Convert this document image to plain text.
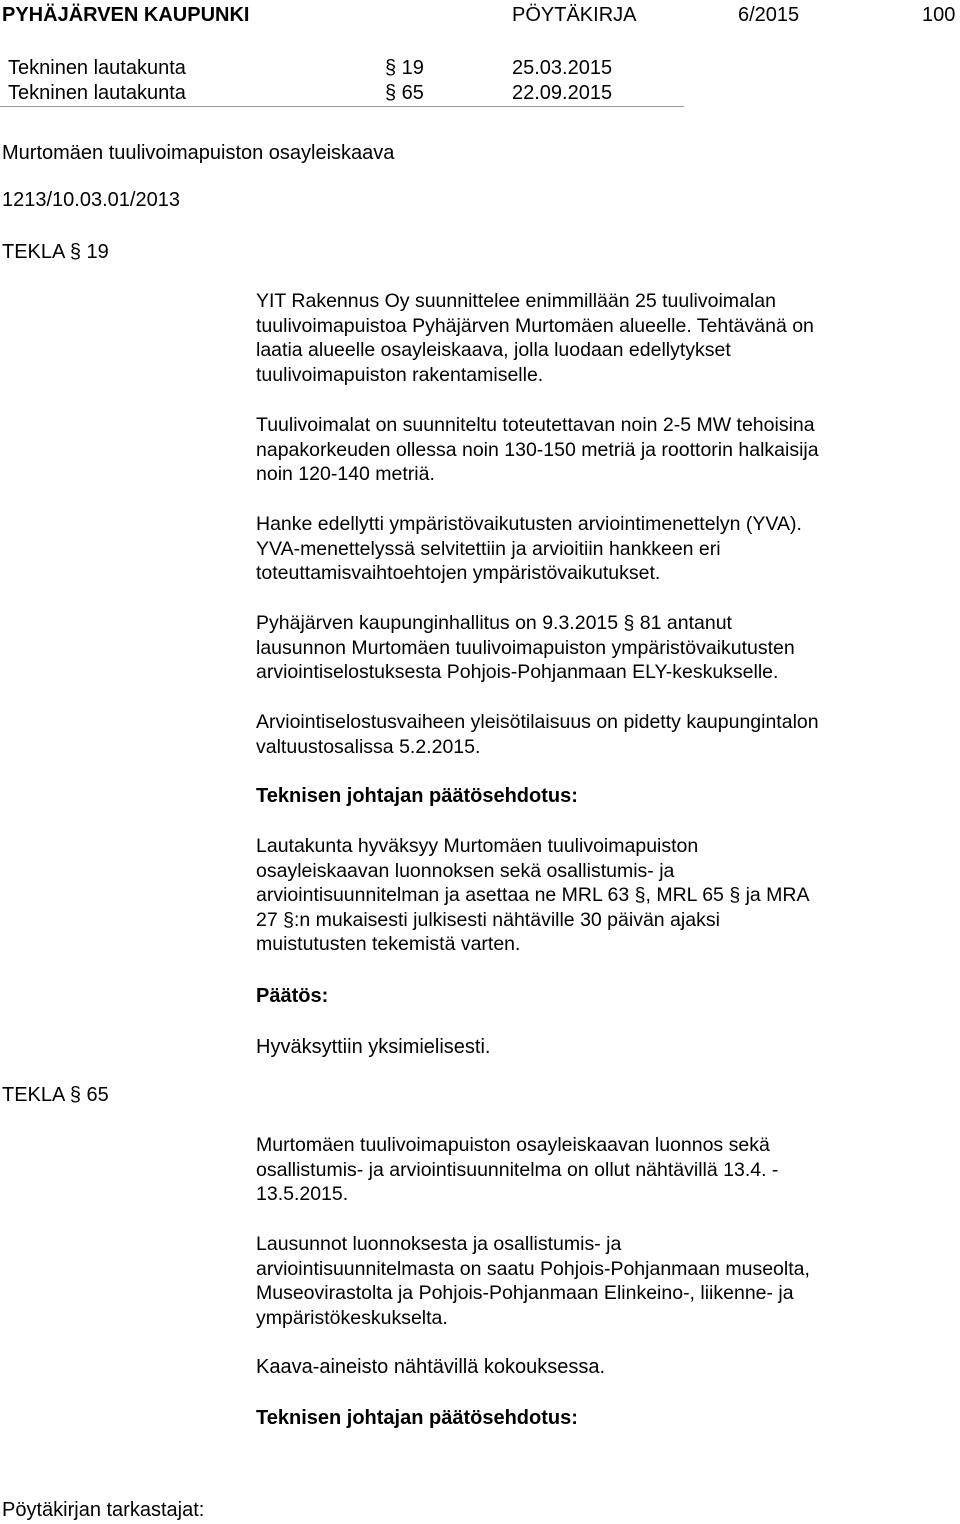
PYHÄJÄRVEN KAUPUNKI	PÖYTÄKIRJA	6/2015	100
Tekninen lautakunta	§ 19	25.03.2015
Tekninen lautakunta	§ 65	22.09.2015
Murtomäen tuulivoimapuiston osayleiskaava
1213/10.03.01/2013
TEKLA § 19
YIT Rakennus Oy suunnittelee enimmillään 25 tuulivoimalan
tuulivoimapuistoa Pyhäjärven Murtomäen alueelle. Tehtävänä on
laatia alueelle osayleiskaava, jolla luodaan edellytykset
tuulivoimapuiston rakentamiselle.
Tuulivoimalat on suunniteltu toteutettavan noin 2-5 MW tehoisina
napakorkeuden ollessa noin 130-150 metriä ja roottorin halkaisija
noin 120-140 metriä.
Hanke edellytti ympäristövaikutusten arviointimenettelyn (YVA).
YVA-menettelyssä selvitettiin ja arvioitiin hankkeen eri
toteuttamisvaihtoehtojen ympäristövaikutukset.
Pyhäjärven kaupunginhallitus on 9.3.2015 § 81 antanut
lausunnon Murtomäen tuulivoimapuiston ympäristövaikutusten
arviointiselostuksesta Pohjois-Pohjanmaan ELY-keskukselle.
Arviointiselostusvaiheen yleisötilaisuus on pidetty kaupungintalon
valtuustosalissa 5.2.2015.
Teknisen johtajan päätösehdotus:
Lautakunta hyväksyy Murtomäen tuulivoimapuiston
osayleiskaavan luonnoksen sekä osallistumis- ja
arviointisuunnitelman ja asettaa ne MRL 63 §, MRL 65 § ja MRA
27 §:n mukaisesti julkisesti nähtäville 30 päivän ajaksi
muistutusten tekemistä varten.
Päätös:
Hyväksyttiin yksimielisesti.
TEKLA § 65
Murtomäen tuulivoimapuiston osayleiskaavan luonnos sekä
osallistumis- ja arviointisuunnitelma on ollut nähtävillä 13.4. -
13.5.2015.
Lausunnot luonnoksesta ja osallistumis- ja
arviointisuunnitelmasta on saatu Pohjois-Pohjanmaan museolta,
Museovirastolta ja Pohjois-Pohjanmaan Elinkeino-, liikenne- ja
ympäristökeskukselta.
Kaava-aineisto nähtävillä kokouksessa.
Teknisen johtajan päätösehdotus:
Pöytäkirjan tarkastajat:
